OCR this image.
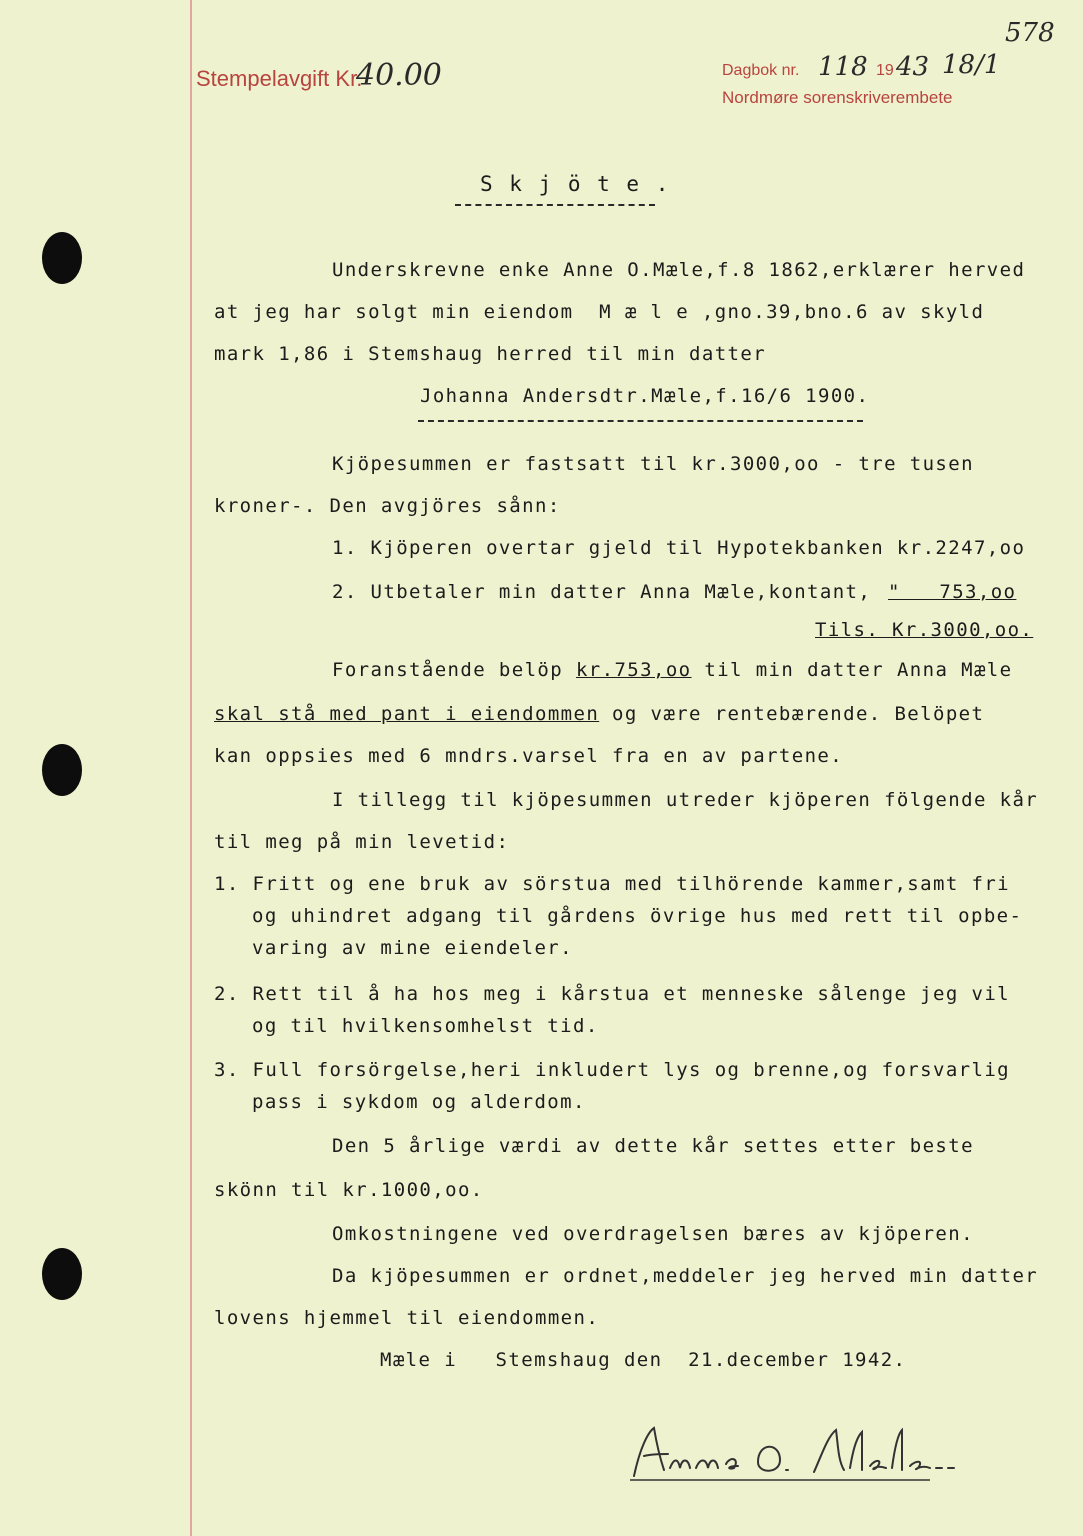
Stempelavgift Kr.
40.00	Dagbok nr. 118 19 43 18/1
Nordmøre sorenskriverembete
578
S k j ö t e .
Underskrevne enke Anne O.Mæle,f.8 1862,erklærer herved
at jeg har solgt min eiendom  M æ l e ,gno.39,bno.6 av skyld
mark 1,86 i Stemshaug herred til min datter
Johanna Andersdtr.Mæle,f.16/6 1900.
Kjöpesummen er fastsatt til kr.3000,oo - tre tusen
kroner-. Den avgjöres sånn:
1. Kjöperen overtar gjeld til Hypotekbanken kr.2247,oo
2. Utbetaler min datter Anna Mæle,kontant, "   753,oo
Tils. Kr.3000,oo.
Foranstående belöp kr.753,oo til min datter Anna Mæle
skal stå med pant i eiendommen og være rentebærende. Belöpet
kan oppsies med 6 mndrs.varsel fra en av partene.
I tillegg til kjöpesummen utreder kjöperen fölgende kår
til meg på min levetid:
1. Fritt og ene bruk av sörstua med tilhörende kammer,samt fri
og uhindret adgang til gårdens övrige hus med rett til opbe-
varing av mine eiendeler.
2. Rett til å ha hos meg i kårstua et menneske sålenge jeg vil
og til hvilkensomhelst tid.
3. Full forsörgelse,heri inkludert lys og brenne,og forsvarlig
pass i sykdom og alderdom.
Den 5 årlige værdi av dette kår settes etter beste
skönn til kr.1000,oo.
Omkostningene ved overdragelsen bæres av kjöperen.
Da kjöpesummen er ordnet,meddeler jeg herved min datter
lovens hjemmel til eiendommen.
Mæle i   Stemshaug den  21.december 1942.
